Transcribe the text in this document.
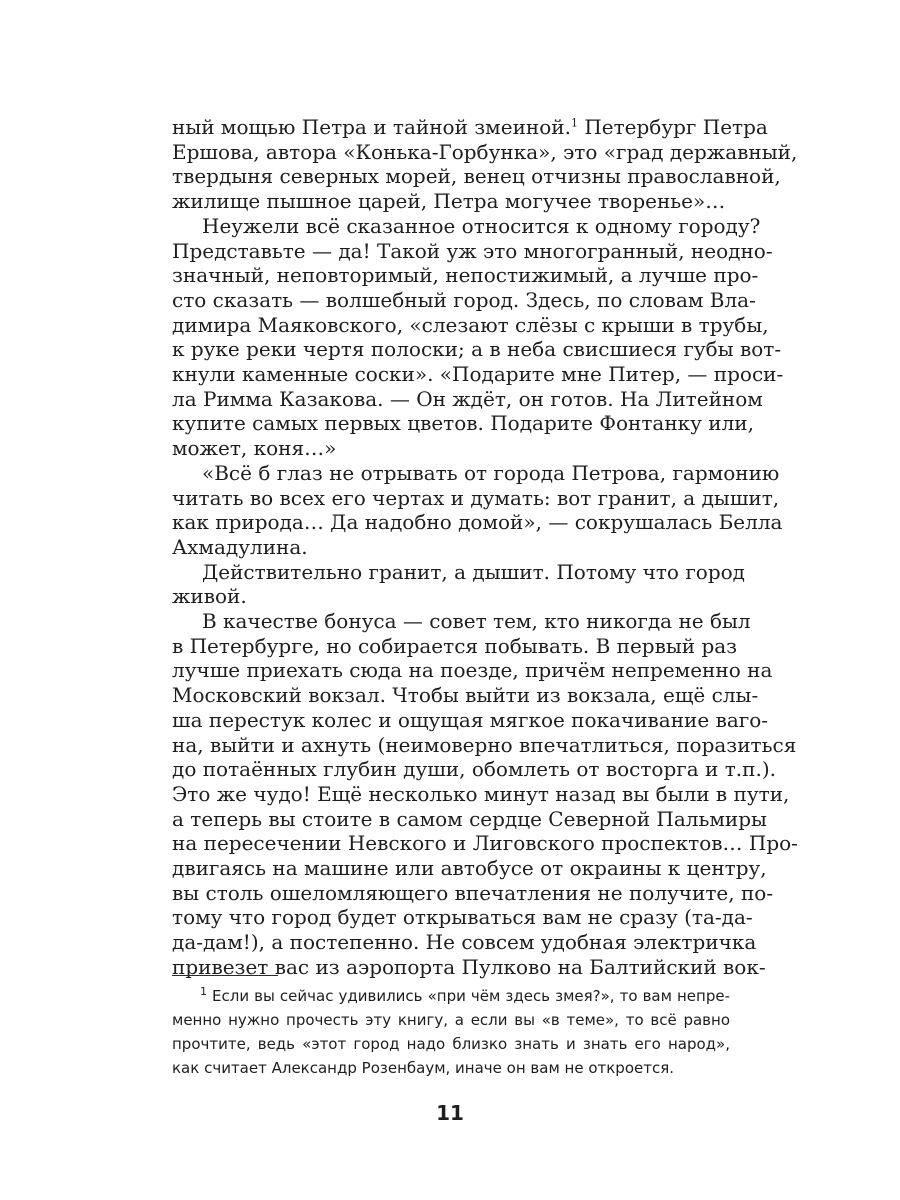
ный мощью Петра и тайной змеиной.$^1$ Петербург Петра

Ершова, автора «Конька-Горбунка», это «град державный,

твердыня северных морей, венец отчизны православной,

жилище пышное царей, Петра могучее творенье»…

Неужели всё сказанное относится к одному городу?

Представьте — да! Такой уж это многогранный, неодно-

значный, неповторимый, непостижимый, а лучше про-

сто сказать — волшебный город. Здесь, по словам Вла-

димира Маяковского, «слезают слёзы с крыши в трубы,

к руке реки чертя полоски; а в неба свисшиеся губы вот-

кнули каменные соски». «Подарите мне Питер, — проси-

ла Римма Казакова. — Он ждёт, он готов. На Литейном

купите самых первых цветов. Подарите Фонтанку или,

может, коня…»

«Всё б глаз не отрывать от города Петрова, гармонию

читать во всех его чертах и думать: вот гранит, а дышит,

как природа… Да надобно домой», — сокрушалась Белла

Ахмадулина.

Действительно гранит, а дышит. Потому что город

живой.

В качестве бонуса — совет тем, кто никогда не был

в Петербурге, но собирается побывать. В первый раз

лучше приехать сюда на поезде, причём непременно на

Московский вокзал. Чтобы выйти из вокзала, ещё слы-

ша перестук колес и ощущая мягкое покачивание ваго-

на, выйти и ахнуть (неимоверно впечатлиться, поразиться

до потаённых глубин души, обомлеть от восторга и т.п.).

Это же чудо! Ещё несколько минут назад вы были в пути,

а теперь вы стоите в самом сердце Северной Пальмиры

на пересечении Невского и Лиговского проспектов… Про-

двигаясь на машине или автобусе от окраины к центру,

вы столь ошеломляющего впечатления не получите, по-

тому что город будет открываться вам не сразу (та-да-

да-дам!), а постепенно. Не совсем удобная электричка

привезет вас из аэропорта Пулково на Балтийский вок-

$^1$ Если вы сейчас удивились «при чём здесь змея?», то вам непре-

менно нужно прочесть эту книгу, а если вы «в теме», то всё равно

прочтите, ведь «этот город надо близко знать и знать его народ»,

как считает Александр Розенбаум, иначе он вам не откроется.

11
